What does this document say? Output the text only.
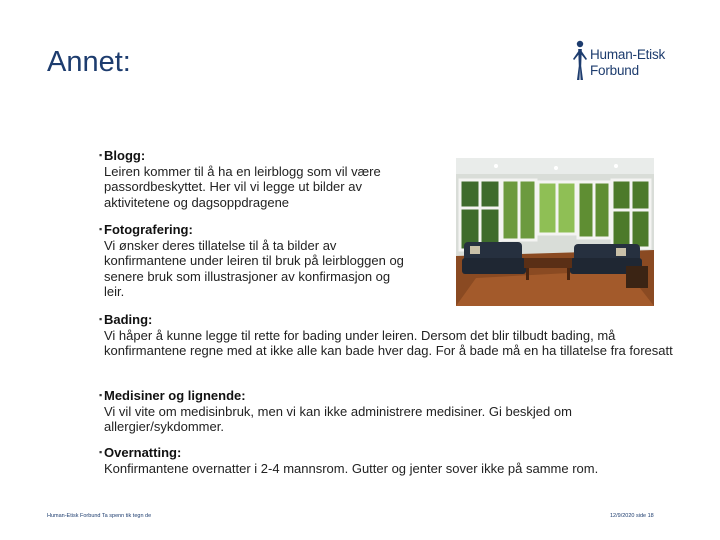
Annet:	Human-Etisk
Forbund
▪ Blogg:
Leiren kommer til å ha en leirblogg som vil være passordbeskyttet. Her vil vi legge ut bilder av aktivitetene og dagsoppdragene
▪ Fotografering:
Vi ønsker deres tillatelse til å ta bilder av konfirmantene under leiren til bruk på leirbloggen og senere bruk som illustrasjoner av konfirmasjon og leir.
▪ Bading:
Vi håper å kunne legge til rette for bading under leiren. Dersom det blir tilbudt bading, må konfirmantene regne med at ikke alle kan bade hver dag. For å bade må en ha tillatelse fra foresatt
▪ Medisiner og lignende:
Vi vil vite om medisinbruk, men vi kan ikke administrere medisiner. Gi beskjed om allergier/sykdommer.
▪ Overnatting:
Konfirmantene overnatter i 2-4 mannsrom. Gutter og jenter sover ikke på samme rom.
Human-Etisk Forbund Ta spenn tik tegn de	12/9/2020 side 18
